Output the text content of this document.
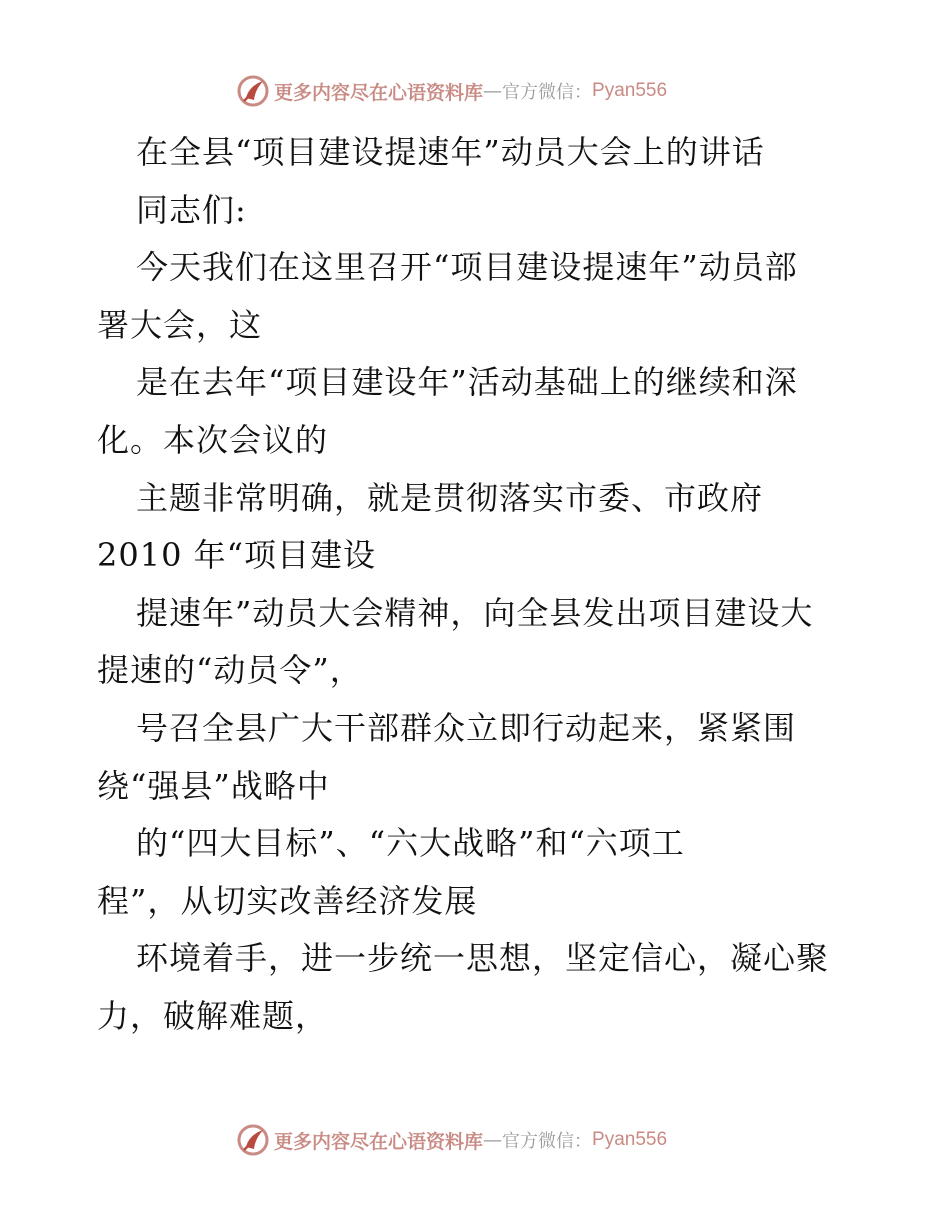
更多内容尽在心语资料库 — 官方微信： Pyan556
在全县“项目建设提速年”动员大会上的讲话
同志们:
今天我们在这里召开“项目建设提速年”动员部
署大会，这
是在去年“项目建设年”活动基础上的继续和深
化。本次会议的
主题非常明确，就是贯彻落实市委、市政府
2010 年“项目建设
提速年”动员大会精神，向全县发出项目建设大
提速的“动员令”，
号召全县广大干部群众立即行动起来，紧紧围
绕“强县”战略中
的“四大目标”、“六大战略”和“六项工
程”，从切实改善经济发展
环境着手，进一步统一思想，坚定信心，凝心聚
力，破解难题，
更多内容尽在心语资料库 — 官方微信： Pyan556
